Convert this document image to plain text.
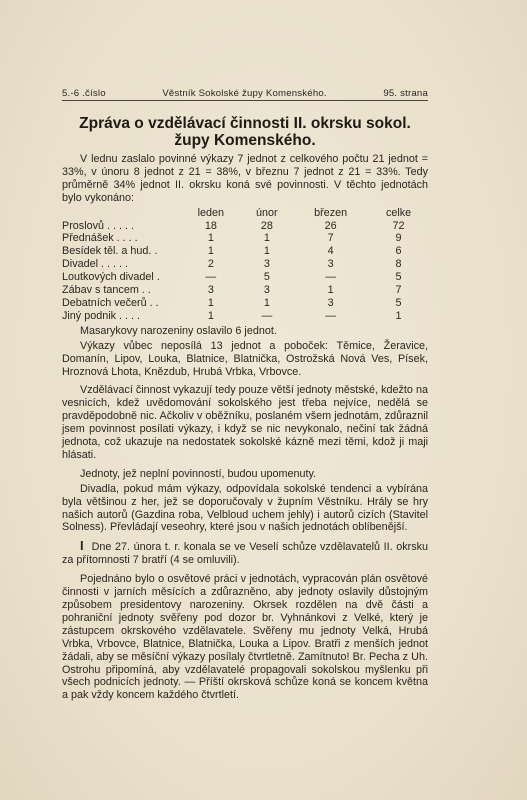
5.-6 .číslo	Věstník Sokolské župy Komenského.	95. strana
Zpráva o vzdělávací činnosti II. okrsku sokol.
župy Komenského.

V lednu zaslalo povinné výkazy 7 jednot z celkového počtu 21 jednot = 33%, v únoru 8 jednot z 21 = 38%, v březnu 7 jednot z 21 = 33%. Tedy průměrně 34% jednot II. okrsku koná své povinnosti. V těchto jednotách bylo vykonáno:

	leden	únor	březen	celke
Proslovů . . . . .	18	28	26	72
Přednášek . . . .	1	1	7	9
Besídek těl. a hud. .	1	1	4	6
Divadel . . . . .	2	3	3	8
Loutkových divadel .	—	5	—	5
Zábav s tancem . .	3	3	1	7
Debatních večerů . .	1	1	3	5
Jiný podnik . . . .	1	—	—	1

Masarykovy narozeniny oslavilo 6 jednot.

Výkazy vůbec neposílá 13 jednot a poboček: Těmice, Žeravice, Domanín, Lipov, Louka, Blatnice, Blatnička, Ostrožská Nová Ves, Písek, Hroznová Lhota, Knězdub, Hrubá Vrbka, Vrbovce.

Vzdělávací činnost vykazují tedy pouze větší jednoty městské, kdežto na vesnicích, kdež uvědomování sokolského jest třeba nejvíce, nedělá se pravděpodobně nic. Ačkoliv v oběžníku, poslaném všem jednotám, zdůraznil jsem povinnost posílati výkazy, i když se nic nevykonalo, nečiní tak žádná jednota, což ukazuje na nedostatek sokolské kázně mezi těmi, kdož ji maji hlásati.

Jednoty, jež neplní povinností, budou upomenuty.

Divadla, pokud mám výkazy, odpovídala sokolské tendenci a vybírána byla většinou z her, jež se doporučovaly v župním Věstníku. Hrály se hry našich autorů (Gazdina roba, Velbloud uchem jehly) i autorů cizích (Stavitel Solness). Převládají veseohry, které jsou v našich jednotách oblíbenější.

I Dne 27. února t. r. konala se ve Veselí schůze vzdělavatelů II. okrsku za přítomnosti 7 bratří (4 se omluvili).

Pojednáno bylo o osvětové práci v jednotách, vypracován plán osvětové činnosti v jarních měsících a zdůrazněno, aby jednoty oslavily důstojným způsobem presidentovy narozeniny. Okrsek rozdělen na dvě části a pohraniční jednoty svěřeny pod dozor br. Vyhnánkovi z Velké, který je zástupcem okrskového vzdělavatele. Svěřeny mu jednoty Velká, Hrubá Vrbka, Vrbovce, Blatnice, Blatnička, Louka a Lipov. Bratři z menších jednot žádali, aby se měsíční výkazy posílaly čtvrtletně. Zamítnuto! Br. Pecha z Uh. Ostrohu připomíná, aby vzdělavatelé propagovali sokolskou myšlenku při všech podnicích jednoty. — Příští okrsková schůze koná se koncem května a pak vždy koncem každého čtvrtletí.
